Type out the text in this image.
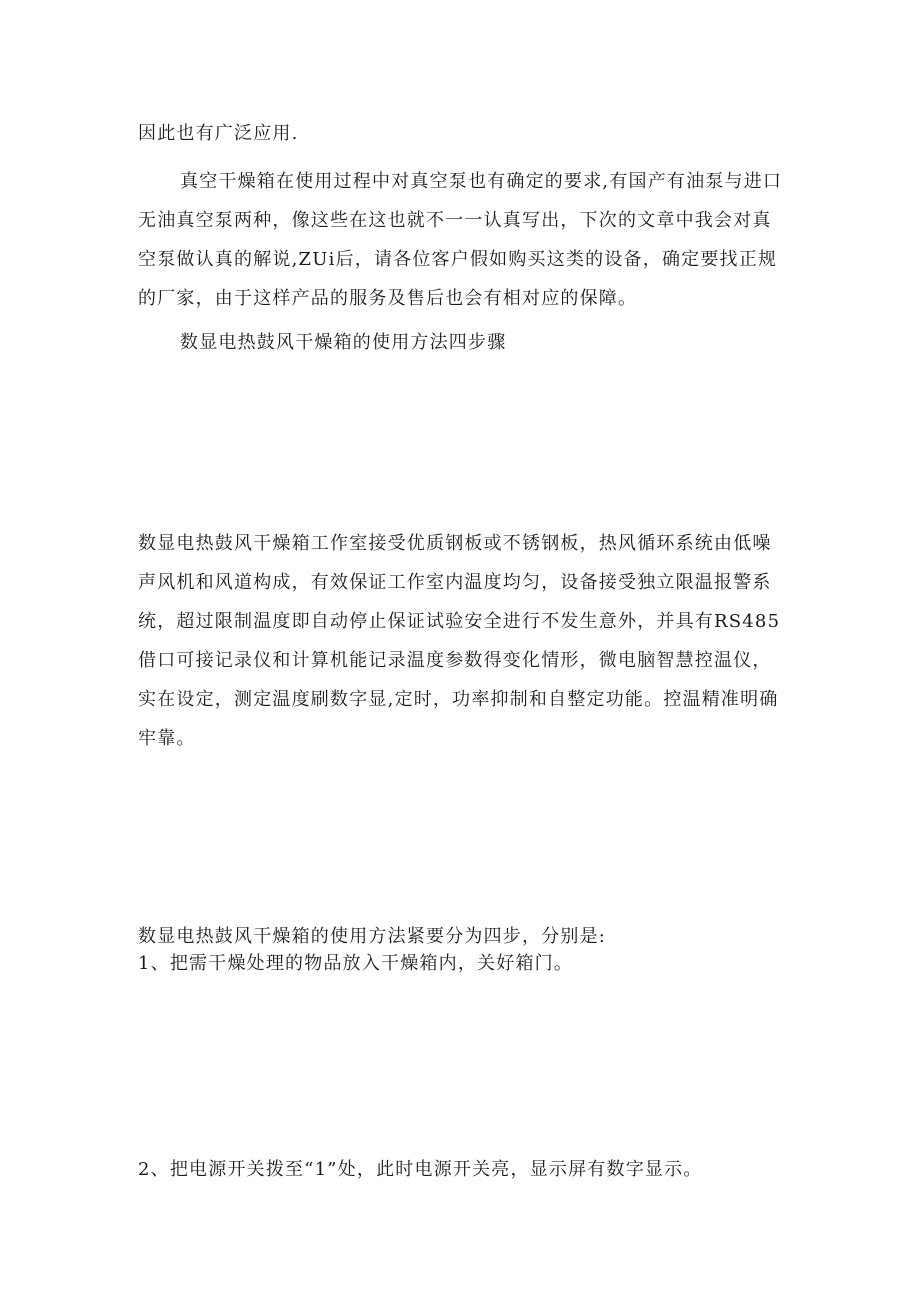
因此也有广泛应用.

真空干燥箱在使用过程中对真空泵也有确定的要求,有国产有油泵与进口无油真空泵两种，像这些在这也就不一一认真写出，下次的文章中我会对真空泵做认真的解说,ZUi后，请各位客户假如购买这类的设备，确定要找正规的厂家，由于这样产品的服务及售后也会有相对应的保障。

数显电热鼓风干燥箱的使用方法四步骤

数显电热鼓风干燥箱工作室接受优质钢板或不锈钢板，热风循环系统由低噪声风机和风道构成，有效保证工作室内温度均匀，设备接受独立限温报警系统，超过限制温度即自动停止保证试验安全进行不发生意外，并具有RS485借口可接记录仪和计算机能记录温度参数得变化情形，微电脑智慧控温仪，实在设定，测定温度刷数字显,定时，功率抑制和自整定功能。控温精准明确牢靠。

数显电热鼓风干燥箱的使用方法紧要分为四步，分别是:
1、把需干燥处理的物品放入干燥箱内，关好箱门。

2、把电源开关拨至“1”处，此时电源开关亮，显示屏有数字显示。
